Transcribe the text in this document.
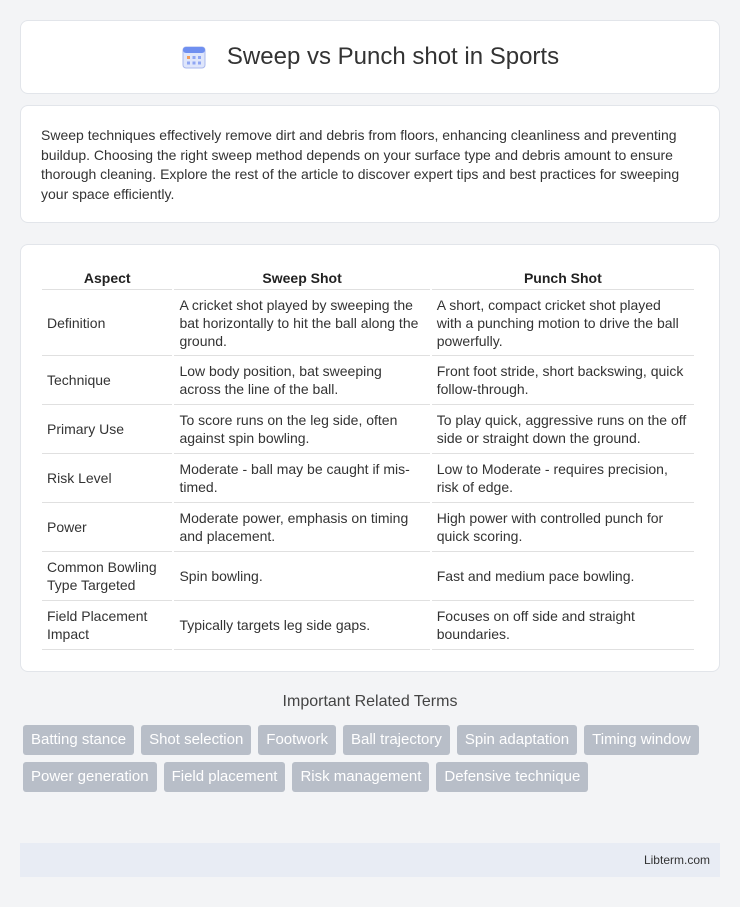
Sweep vs Punch shot in Sports

Sweep techniques effectively remove dirt and debris from floors, enhancing cleanliness and preventing buildup. Choosing the right sweep method depends on your surface type and debris amount to ensure thorough cleaning. Explore the rest of the article to discover expert tips and best practices for sweeping your space efficiently.

Aspect	Sweep Shot	Punch Shot
Definition	A cricket shot played by sweeping the bat horizontally to hit the ball along the ground.	A short, compact cricket shot played with a punching motion to drive the ball powerfully.
Technique	Low body position, bat sweeping across the line of the ball.	Front foot stride, short backswing, quick follow-through.
Primary Use	To score runs on the leg side, often against spin bowling.	To play quick, aggressive runs on the off side or straight down the ground.
Risk Level	Moderate - ball may be caught if mis-timed.	Low to Moderate - requires precision, risk of edge.
Power	Moderate power, emphasis on timing and placement.	High power with controlled punch for quick scoring.
Common Bowling Type Targeted	Spin bowling.	Fast and medium pace bowling.
Field Placement Impact	Typically targets leg side gaps.	Focuses on off side and straight boundaries.
Important Related Terms
Batting stance	Shot selection	Footwork	Ball trajectory	Spin adaptation	Timing window
Power generation	Field placement	Risk management	Defensive technique
Libterm.com
